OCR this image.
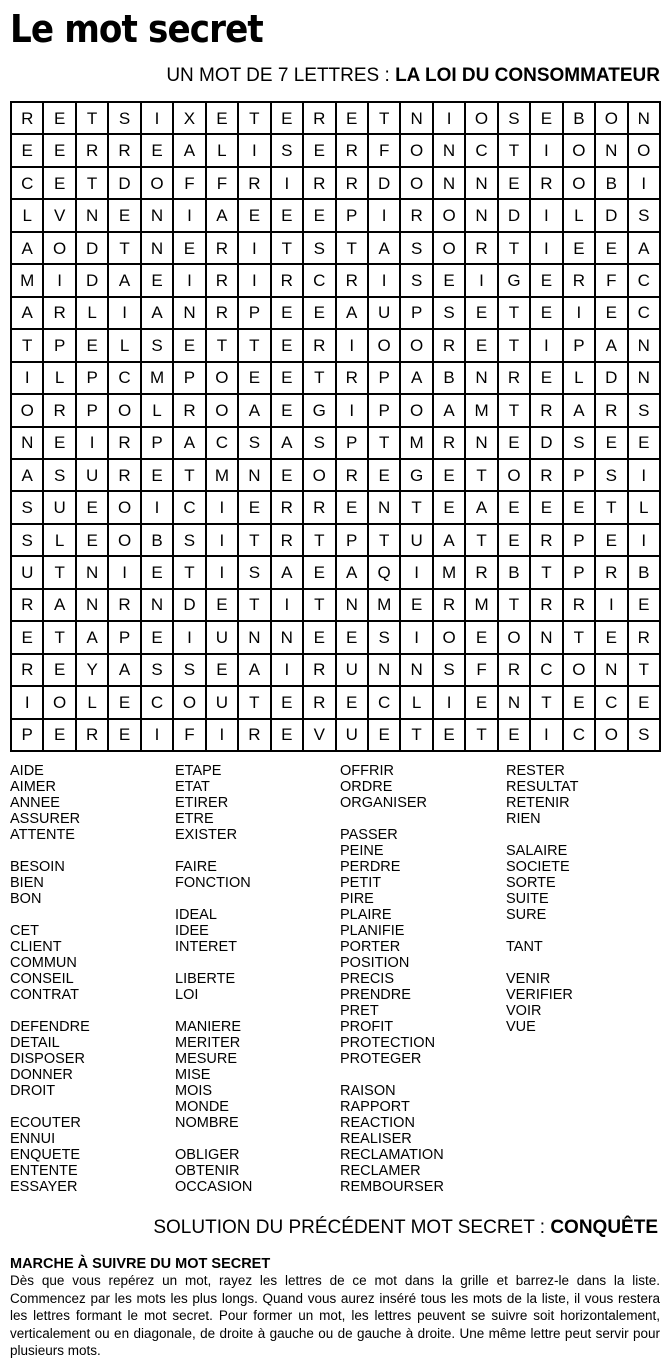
Le mot secret
UN MOT DE 7 LETTRES : LA LOI DU CONSOMMATEUR
R	E	T	S	I	X	E	T	E	R	E	T	N	I	O	S	E	B	O	N
E	E	R	R	E	A	L	I	S	E	R	F	O	N	C	T	I	O	N	O
C	E	T	D	O	F	F	R	I	R	R	D	O	N	N	E	R	O	B	I
L	V	N	E	N	I	A	E	E	E	P	I	R	O	N	D	I	L	D	S
A	O	D	T	N	E	R	I	T	S	T	A	S	O	R	T	I	E	E	A
M	I	D	A	E	I	R	I	R	C	R	I	S	E	I	G	E	R	F	C
A	R	L	I	A	N	R	P	E	E	A	U	P	S	E	T	E	I	E	C
T	P	E	L	S	E	T	T	E	R	I	O	O	R	E	T	I	P	A	N
I	L	P	C	M	P	O	E	E	T	R	P	A	B	N	R	E	L	D	N
O	R	P	O	L	R	O	A	E	G	I	P	O	A	M	T	R	A	R	S
N	E	I	R	P	A	C	S	A	S	P	T	M	R	N	E	D	S	E	E
A	S	U	R	E	T	M	N	E	O	R	E	G	E	T	O	R	P	S	I
S	U	E	O	I	C	I	E	R	R	E	N	T	E	A	E	E	E	T	L
S	L	E	O	B	S	I	T	R	T	P	T	U	A	T	E	R	P	E	I
U	T	N	I	E	T	I	S	A	E	A	Q	I	M	R	B	T	P	R	B
R	A	N	R	N	D	E	T	I	T	N	M	E	R	M	T	R	R	I	E
E	T	A	P	E	I	U	N	N	E	E	S	I	O	E	O	N	T	E	R
R	E	Y	A	S	S	E	A	I	R	U	N	N	S	F	R	C	O	N	T
I	O	L	E	C	O	U	T	E	R	E	C	L	I	E	N	T	E	C	E
P	E	R	E	I	F	I	R	E	V	U	E	T	E	T	E	I	C	O	S
AIDE
AIMER
ANNEE
ASSURER
ATTENTE
BESOIN
BIEN
BON
CET
CLIENT
COMMUN
CONSEIL
CONTRAT
DEFENDRE
DETAIL
DISPOSER
DONNER
DROIT
ECOUTER
ENNUI
ENQUETE
ENTENTE
ESSAYER
ETAPE
ETAT
ETIRER
ETRE
EXISTER
FAIRE
FONCTION
IDEAL
IDEE
INTERET
LIBERTE
LOI
MANIERE
MERITER
MESURE
MISE
MOIS
MONDE
NOMBRE
OBLIGER
OBTENIR
OCCASION
OFFRIR
ORDRE
ORGANISER
PASSER
PEINE
PERDRE
PETIT
PIRE
PLAIRE
PLANIFIE
PORTER
POSITION
PRECIS
PRENDRE
PRET
PROFIT
PROTECTION
PROTEGER
RAISON
RAPPORT
REACTION
REALISER
RECLAMATION
RECLAMER
REMBOURSER
RESTER
RESULTAT
RETENIR
RIEN
SALAIRE
SOCIETE
SORTE
SUITE
SURE
TANT
VENIR
VERIFIER
VOIR
VUE
SOLUTION DU PRÉCÉDENT MOT SECRET : CONQUÊTE
MARCHE À SUIVRE DU MOT SECRET
Dès que vous repérez un mot, rayez les lettres de ce mot dans la grille et barrez-le dans la liste. Commencez par les mots les plus longs. Quand vous aurez inséré tous les mots de la liste, il vous restera les lettres formant le mot secret. Pour former un mot, les lettres peuvent se suivre soit horizontalement, verticalement ou en diagonale, de droite à gauche ou de gauche à droite. Une même lettre peut servir pour plusieurs mots.
